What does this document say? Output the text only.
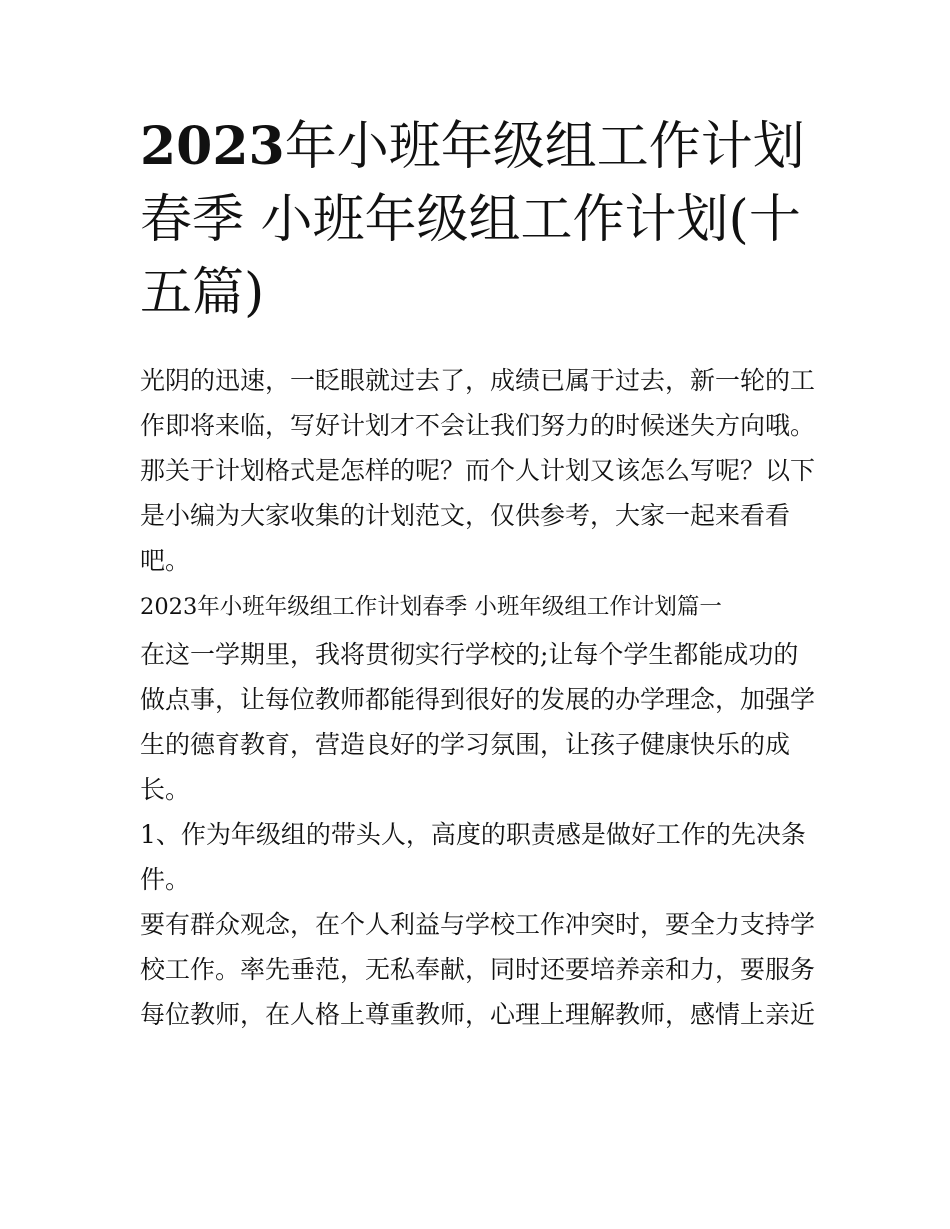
2023年小班年级组工作计划春季 小班年级组工作计划(十五篇)

光阴的迅速，一眨眼就过去了，成绩已属于过去，新一轮的工作即将来临，写好计划才不会让我们努力的时候迷失方向哦。那关于计划格式是怎样的呢？而个人计划又该怎么写呢？以下是小编为大家收集的计划范文，仅供参考，大家一起来看看吧。

2023年小班年级组工作计划春季 小班年级组工作计划篇一

在这一学期里，我将贯彻实行学校的;让每个学生都能成功的做点事，让每位教师都能得到很好的发展的办学理念，加强学生的德育教育，营造良好的学习氛围，让孩子健康快乐的成长。

1、作为年级组的带头人，高度的职责感是做好工作的先决条件。

要有群众观念，在个人利益与学校工作冲突时，要全力支持学校工作。率先垂范，无私奉献，同时还要培养亲和力，要服务每位教师，在人格上尊重教师，心理上理解教师，感情上亲近
